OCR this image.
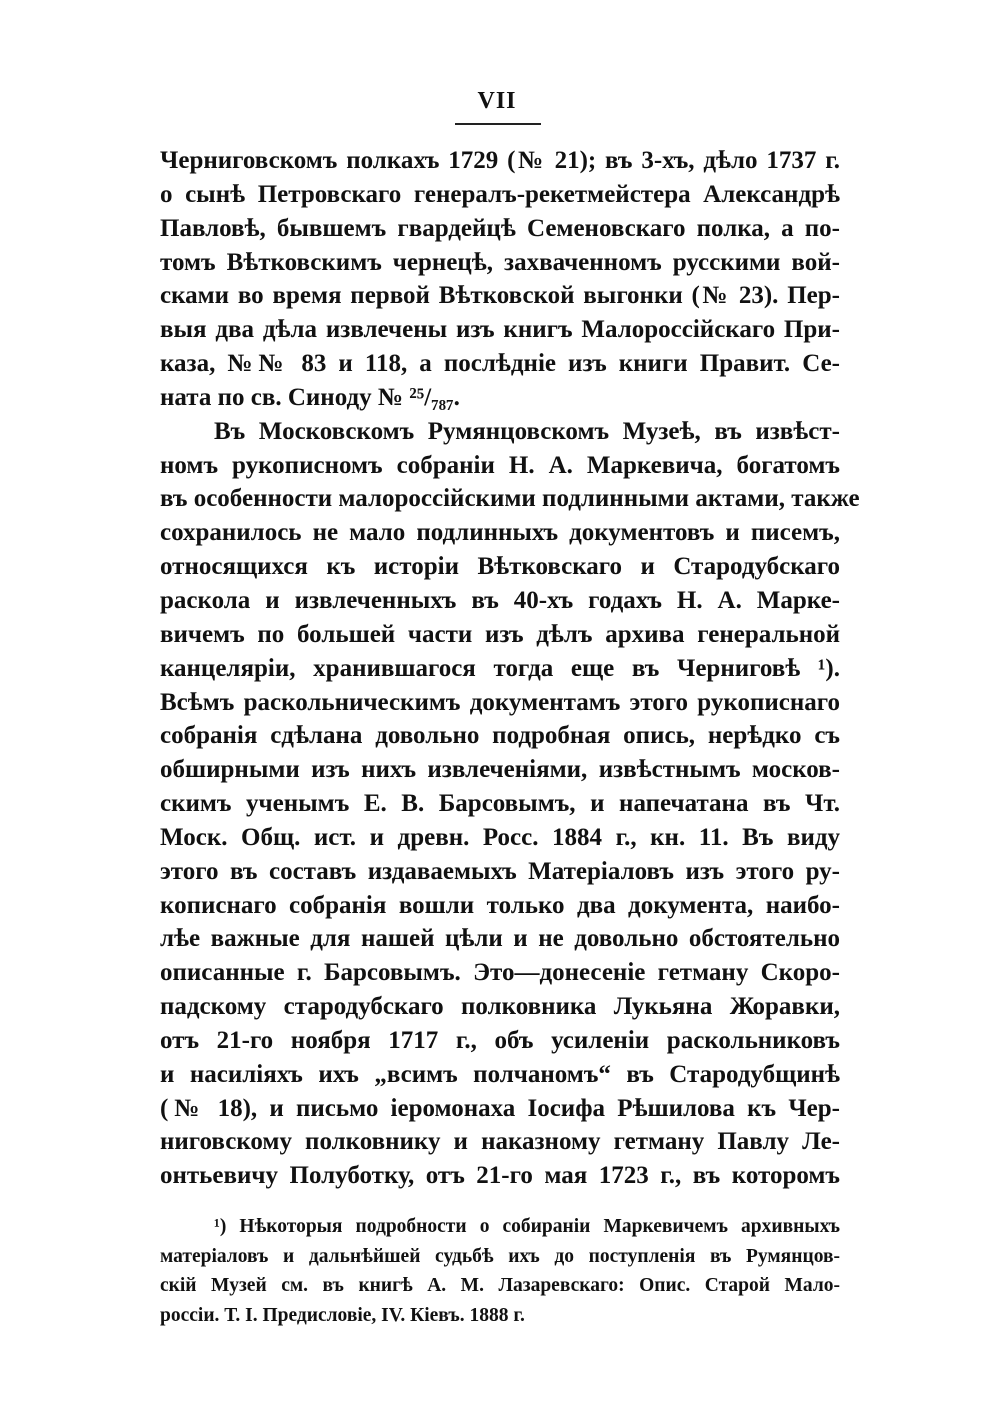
VII
Черниговскомъ полкахъ 1729 (№ 21); въ 3-хъ, дѣло 1737 г.
о сынѣ Петровскаго генералъ-рекетмейстера Александрѣ
Павловѣ, бывшемъ гвардейцѣ Семеновскаго полка, а по-
томъ Вѣтковскимъ чернецѣ, захваченномъ русскими вой-
сками во время первой Вѣтковской выгонки (№ 23). Пер-
выя два дѣла извлечены изъ книгъ Малороссійскаго При-
каза, №№ 83 и 118, а послѣдніе изъ книги Правит. Се-
ната по св. Синоду № ²⁵/₇₈₇.
Въ Московскомъ Румянцовскомъ Музеѣ, въ извѣст-
номъ рукописномъ собраніи Н. А. Маркевича, богатомъ
въ особенности малороссійскими подлинными актами, также
сохранилось не мало подлинныхъ документовъ и писемъ,
относящихся къ исторіи Вѣтковскаго и Стародубскаго
раскола и извлеченныхъ въ 40-хъ годахъ Н. А. Марке-
вичемъ по большей части изъ дѣлъ архива генеральной
канцеляріи, хранившагося тогда еще въ Черниговѣ ¹).
Всѣмъ раскольническимъ документамъ этого рукописнаго
собранія сдѣлана довольно подробная опись, нерѣдко съ
обширными изъ нихъ извлеченіями, извѣстнымъ москов-
скимъ ученымъ Е. В. Барсовымъ, и напечатана въ Чт.
Моск. Общ. ист. и древн. Росс. 1884 г., кн. 11. Въ виду
этого въ составъ издаваемыхъ Матеріаловъ изъ этого ру-
кописнаго собранія вошли только два документа, наибо-
лѣе важные для нашей цѣли и не довольно обстоятельно
описанные г. Барсовымъ. Это—донесеніе гетману Скоро-
падскому стародубскаго полковника Лукьяна Жоравки,
отъ 21-го ноября 1717 г., объ усиленіи раскольниковъ
и насиліяхъ ихъ „всимъ полчаномъ“ въ Стародубщинѣ
(№ 18), и письмо іеромонаха Іосифа Рѣшилова къ Чер-
ниговскому полковнику и наказному гетману Павлу Ле-
онтьевичу Полуботку, отъ 21-го мая 1723 г., въ которомъ
¹) Нѣкоторыя подробности о собираніи Маркевичемъ архивныхъ
матеріаловъ и дальнѣйшей судьбѣ ихъ до поступленія въ Румянцов-
скій Музей см. въ книгѣ А. М. Лазаревскаго: Опис. Старой Мало-
россіи. Т. I. Предисловіе, IV. Кіевъ. 1888 г.
